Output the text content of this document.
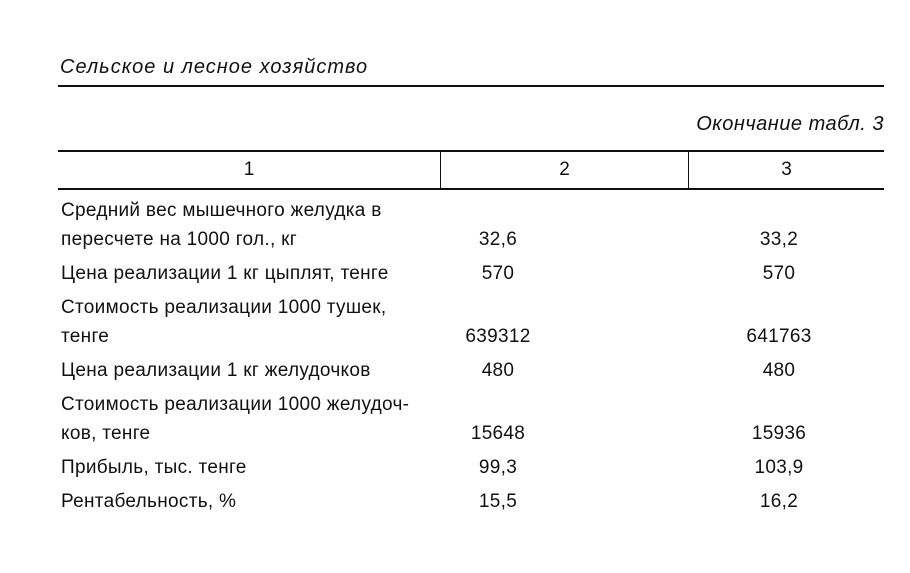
Сельское и лесное хозяйство
Окончание табл. 3
1	2	3
Средний вес мышечного желудка в
пересчете на 1000 гол., кг	32,6	33,2
Цена реализации 1 кг цыплят, тенге	570	570
Стоимость реализации 1000 тушек,
тенге	639312	641763
Цена реализации 1 кг желудочков	480	480
Стоимость реализации 1000 желудоч-
ков, тенге	15648	15936
Прибыль, тыс. тенге	99,3	103,9
Рентабельность, %	15,5	16,2
